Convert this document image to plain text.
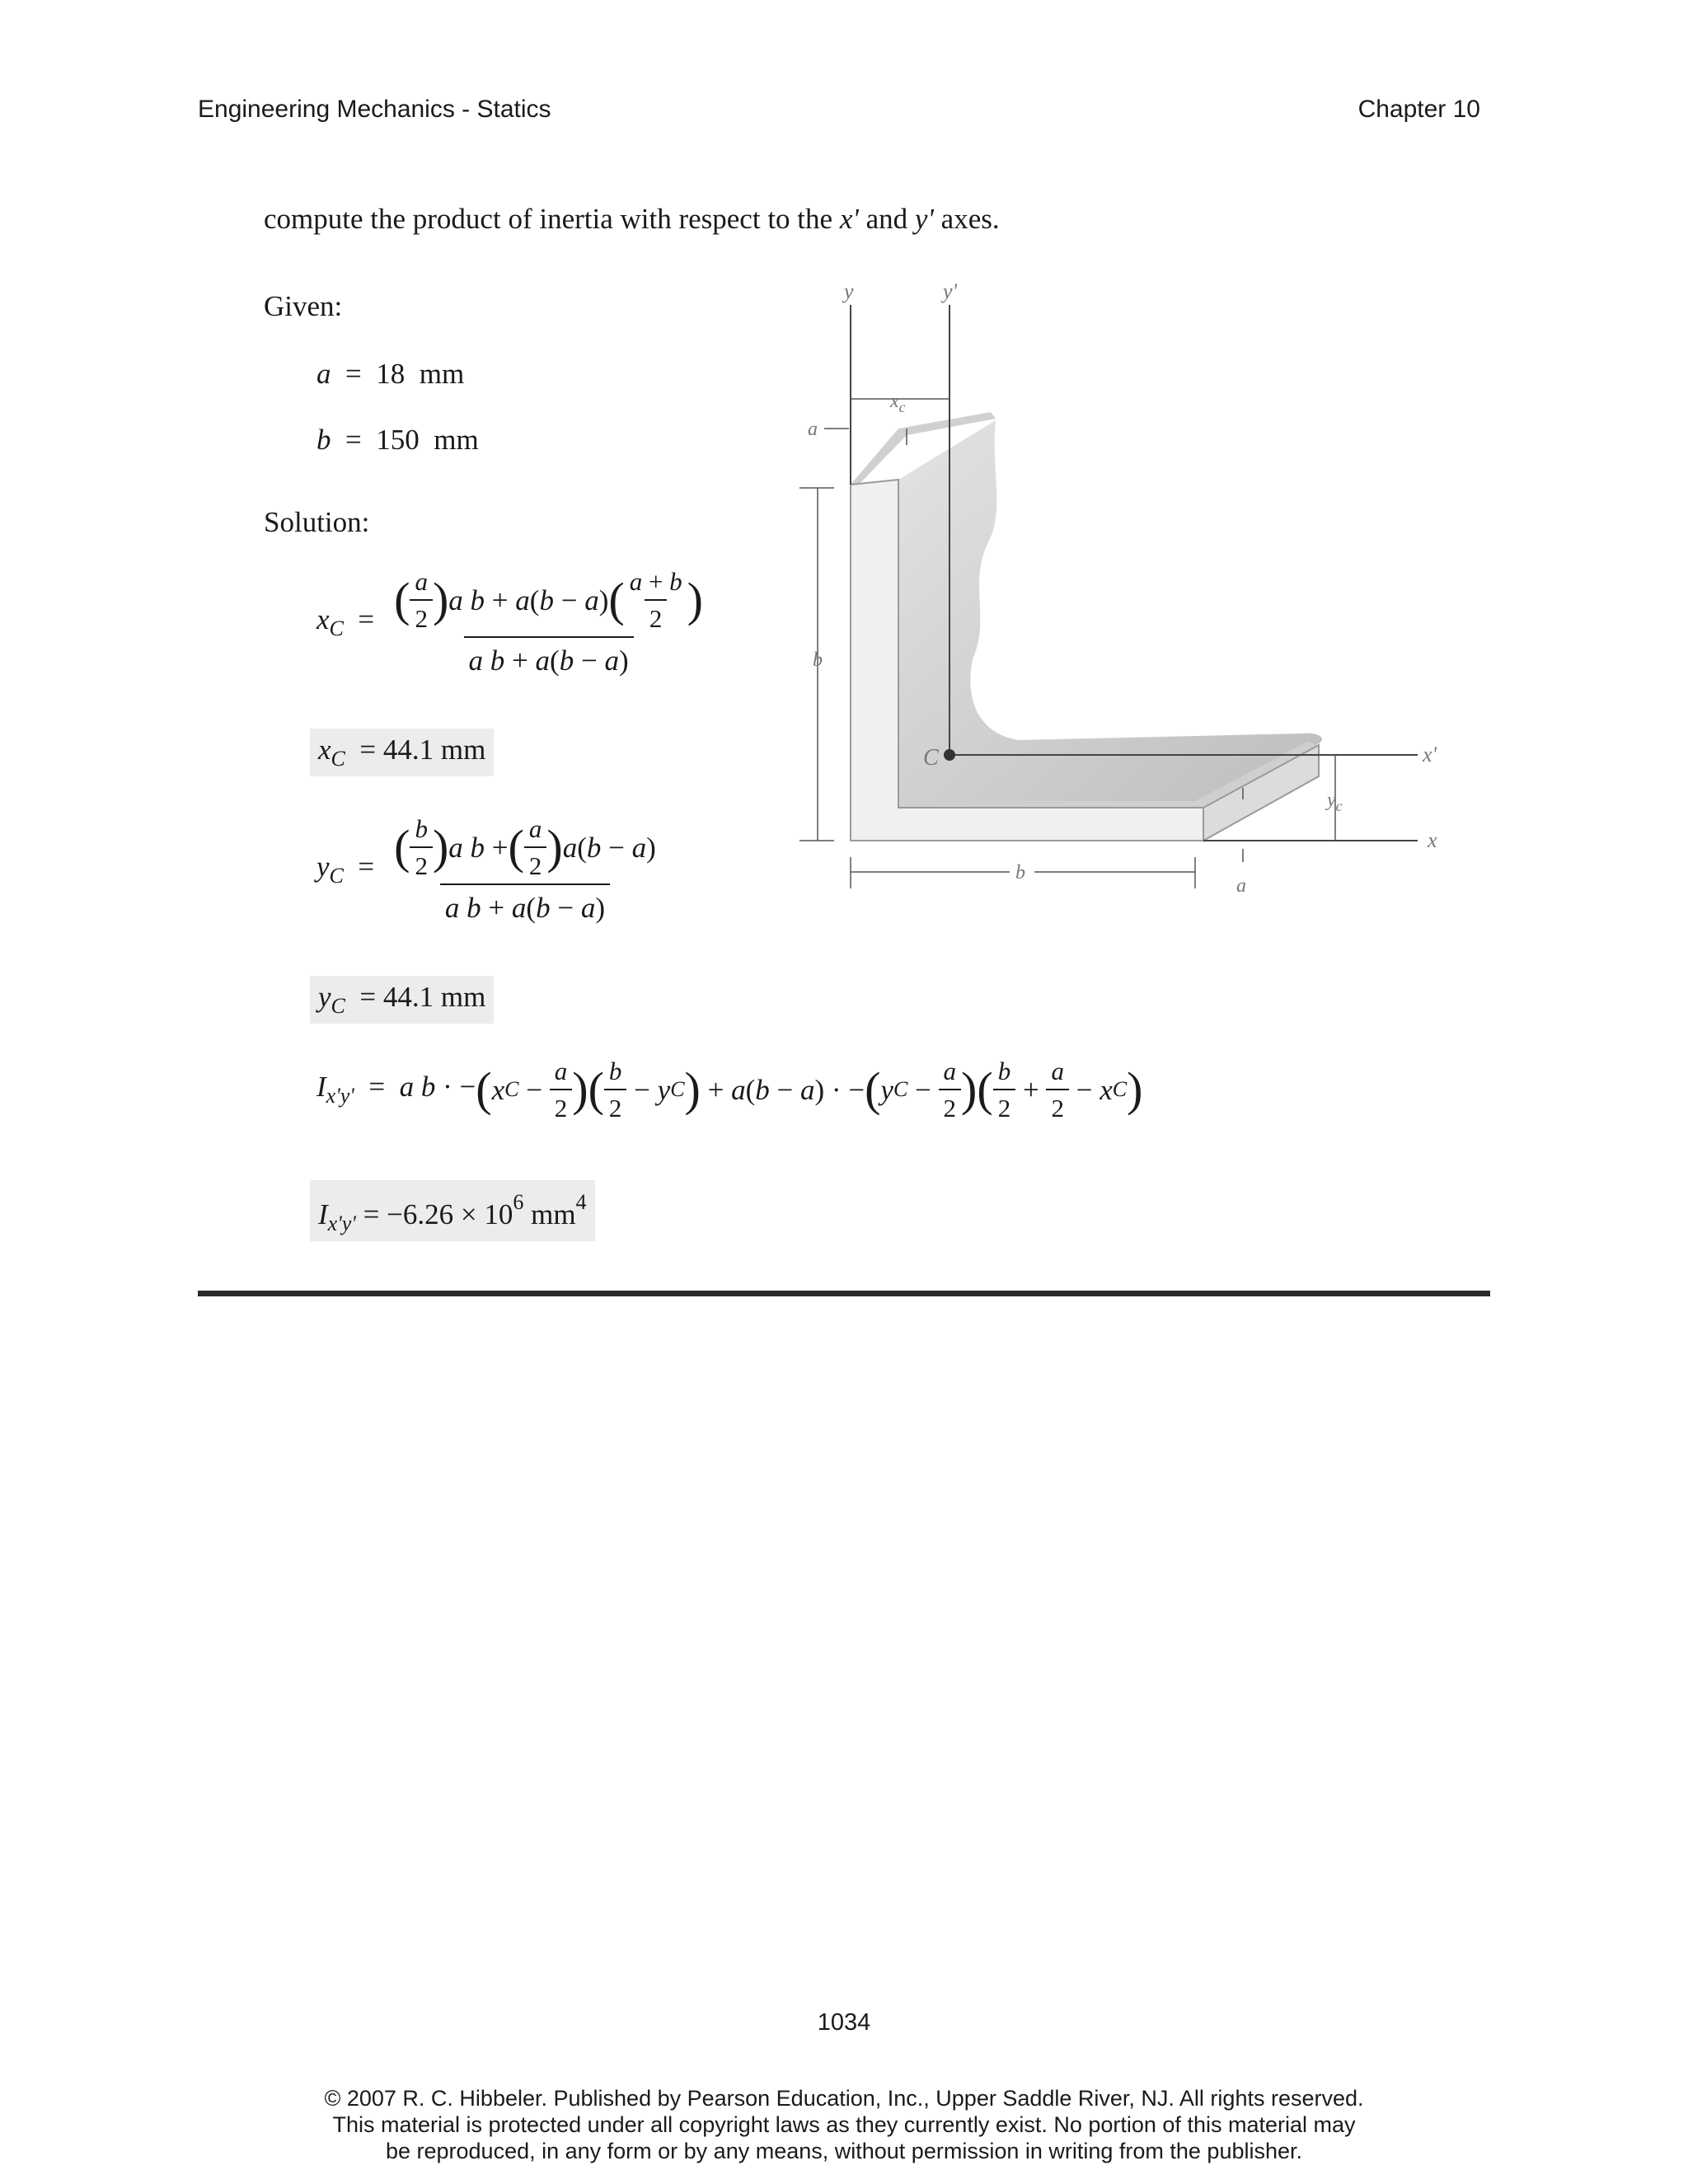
Engineering Mechanics - Statics	Chapter 10
compute the product of inertia with respect to the x' and y' axes.
Given:
a  =  18 mm
b  =  150 mm
Solution:
$x_C = \frac{( \frac{a}{2} ) a b + a ( b - a ) ( \frac{a + b}{2} )}{\text{a b + a(b − a)}}$
$x_C = 44.1$ mm
$y_C = \frac{( \frac{b}{2} ) a b + ( \frac{a}{2} ) a ( b - a )}{\text{a b + a(b − a)}}$
$y_C = 44.1$ mm
$I_{x'y'} = a$ b · − ( x $C - \frac{a}{2}$ ) ( $\frac{b}{2} - y$ C ) + a(b − a) · − ( y $C - \frac{a}{2}$ ) ( $\frac{b}{2} + \frac{a}{2} - x$ C )
$I_{x'y'} = -6.26 \times 10^6$ $mm^4$
y	y'
x'
x
C
$x_c$
a
b
b
a
$y_c$
1034
© 2007 R. C. Hibbeler. Published by Pearson Education, Inc., Upper Saddle River, NJ. All rights reserved.
This material is protected under all copyright laws as they currently exist. No portion of this material may
be reproduced, in any form or by any means, without permission in writing from the publisher.
